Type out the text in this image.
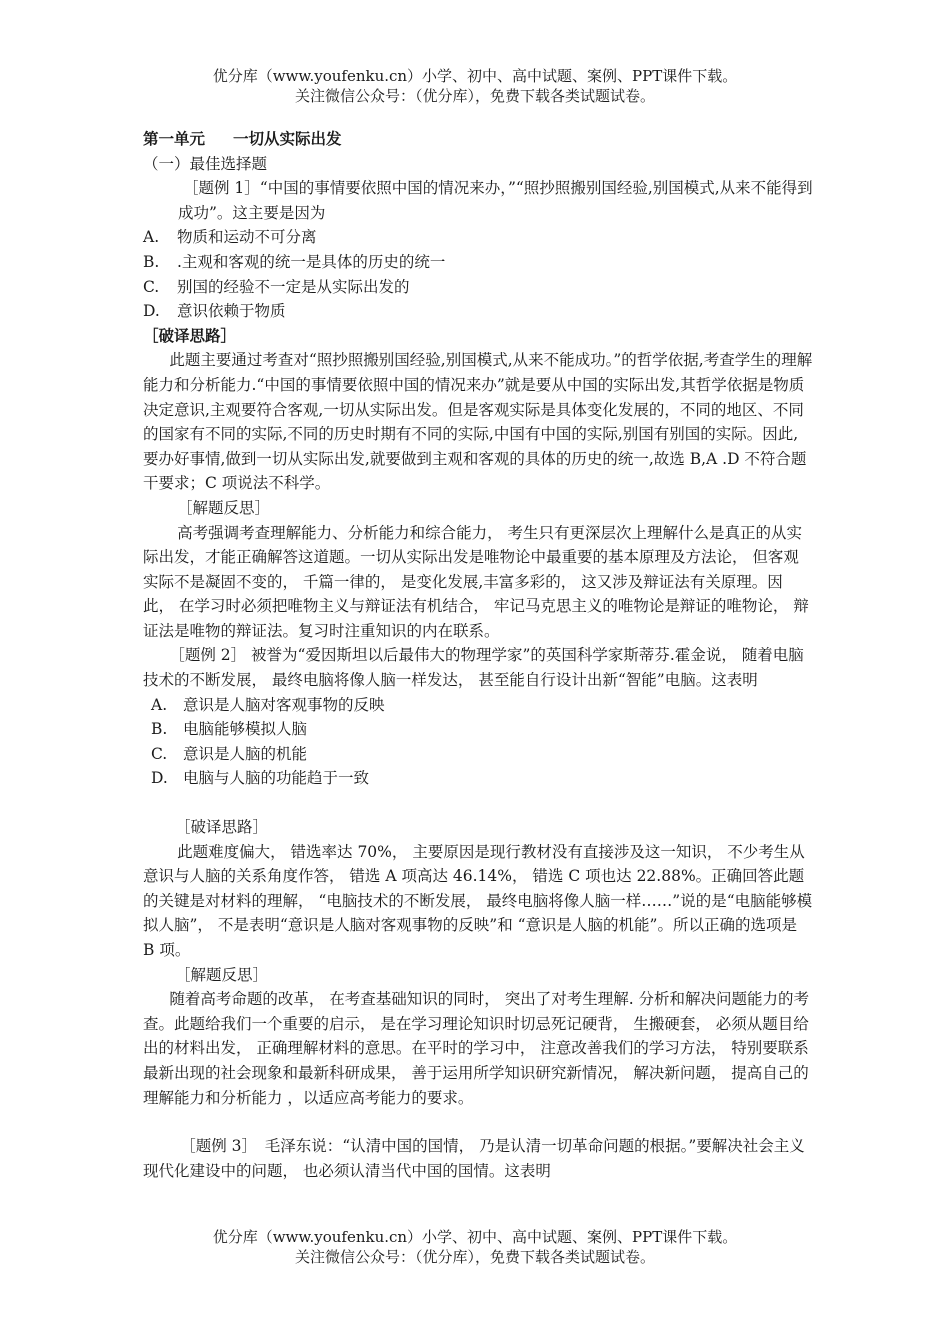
优分库（www.youfenku.cn）小学、初中、高中试题、案例、PPT课件下载。
关注微信公众号：（优分库），免费下载各类试题试卷。

第一单元 一切从实际出发

（一）最佳选择题

［题例 1］“中国的事情要依照中国的情况来办，”“照抄照搬别国经验,别国模式,从来不能得到成功”。这主要是因为

A. 物质和运动不可分离

B. .主观和客观的统一是具体的历史的统一

C. 别国的经验不一定是从实际出发的

D. 意识依赖于物质

［破译思路］

此题主要通过考查对“照抄照搬别国经验,别国模式,从来不能成功。”的哲学依据,考查学生的理解能力和分析能力.“中国的事情要依照中国的情况来办”就是要从中国的实际出发,其哲学依据是物质决定意识,主观要符合客观,一切从实际出发。但是客观实际是具体变化发展的，不同的地区、不同的国家有不同的实际,不同的历史时期有不同的实际,中国有中国的实际,别国有别国的实际。因此,要办好事情,做到一切从实际出发,就要做到主观和客观的具体的历史的统一,故选 B,A .D 不符合题干要求；C 项说法不科学。

［解题反思］

高考强调考查理解能力、分析能力和综合能力， 考生只有更深层次上理解什么是真正的从实际出发，才能正确解答这道题。一切从实际出发是唯物论中最重要的基本原理及方法论， 但客观实际不是凝固不变的， 千篇一律的， 是变化发展,丰富多彩的， 这又涉及辩证法有关原理。因此， 在学习时必须把唯物主义与辩证法有机结合， 牢记马克思主义的唯物论是辩证的唯物论， 辩证法是唯物的辩证法。复习时注重知识的内在联系。

［题例 2］ 被誉为“爱因斯坦以后最伟大的物理学家”的英国科学家斯蒂芬.霍金说， 随着电脑技术的不断发展， 最终电脑将像人脑一样发达， 甚至能自行设计出新“智能”电脑。这表明

A. 意识是人脑对客观事物的反映

B. 电脑能够模拟人脑

C. 意识是人脑的机能

D. 电脑与人脑的功能趋于一致

［破译思路］

此题难度偏大， 错选率达 70%， 主要原因是现行教材没有直接涉及这一知识， 不少考生从意识与人脑的关系角度作答， 错选 A 项高达 46.14%， 错选 C 项也达 22.88%。正确回答此题的关键是对材料的理解， “电脑技术的不断发展， 最终电脑将像人脑一样……”说的是“电脑能够模拟人脑”， 不是表明“意识是人脑对客观事物的反映”和 “意识是人脑的机能”。所以正确的选项是 B 项。

［解题反思］

随着高考命题的改革， 在考查基础知识的同时， 突出了对考生理解. 分析和解决问题能力的考查。此题给我们一个重要的启示， 是在学习理论知识时切忌死记硬背， 生搬硬套， 必须从题目给出的材料出发， 正确理解材料的意思。在平时的学习中， 注意改善我们的学习方法， 特别要联系最新出现的社会现象和最新科研成果， 善于运用所学知识研究新情况， 解决新问题， 提高自己的理解能力和分析能力 ，以适应高考能力的要求。

［题例 3］　毛泽东说：“认清中国的国情， 乃是认清一切革命问题的根据。”要解决社会主义现代化建设中的问题， 也必须认清当代中国的国情。这表明

优分库（www.youfenku.cn）小学、初中、高中试题、案例、PPT课件下载。
关注微信公众号：（优分库），免费下载各类试题试卷。
